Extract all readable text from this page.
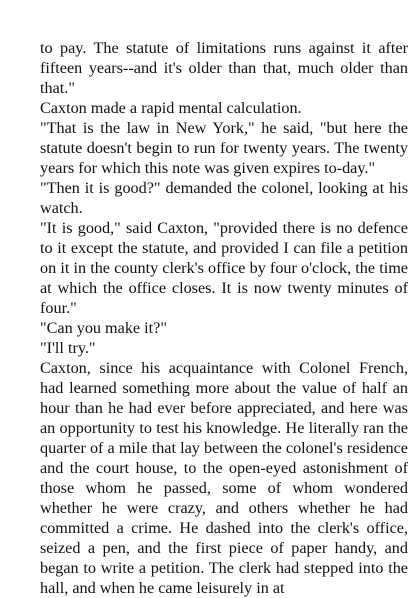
to pay. The statute of limitations runs against it after fifteen years--and it's older than that, much older than that."

Caxton made a rapid mental calculation.

"That is the law in New York," he said, "but here the statute doesn't begin to run for twenty years. The twenty years for which this note was given expires to-day."

"Then it is good?" demanded the colonel, looking at his watch.

"It is good," said Caxton, "provided there is no defence to it except the statute, and provided I can file a petition on it in the county clerk's office by four o'clock, the time at which the office closes. It is now twenty minutes of four."

"Can you make it?"

"I'll try."

Caxton, since his acquaintance with Colonel French, had learned something more about the value of half an hour than he had ever before appreciated, and here was an opportunity to test his knowledge. He literally ran the quarter of a mile that lay between the colonel's residence and the court house, to the open-eyed astonishment of those whom he passed, some of whom wondered whether he were crazy, and others whether he had committed a crime. He dashed into the clerk's office, seized a pen, and the first piece of paper handy, and began to write a petition. The clerk had stepped into the hall, and when he came leisurely in at
